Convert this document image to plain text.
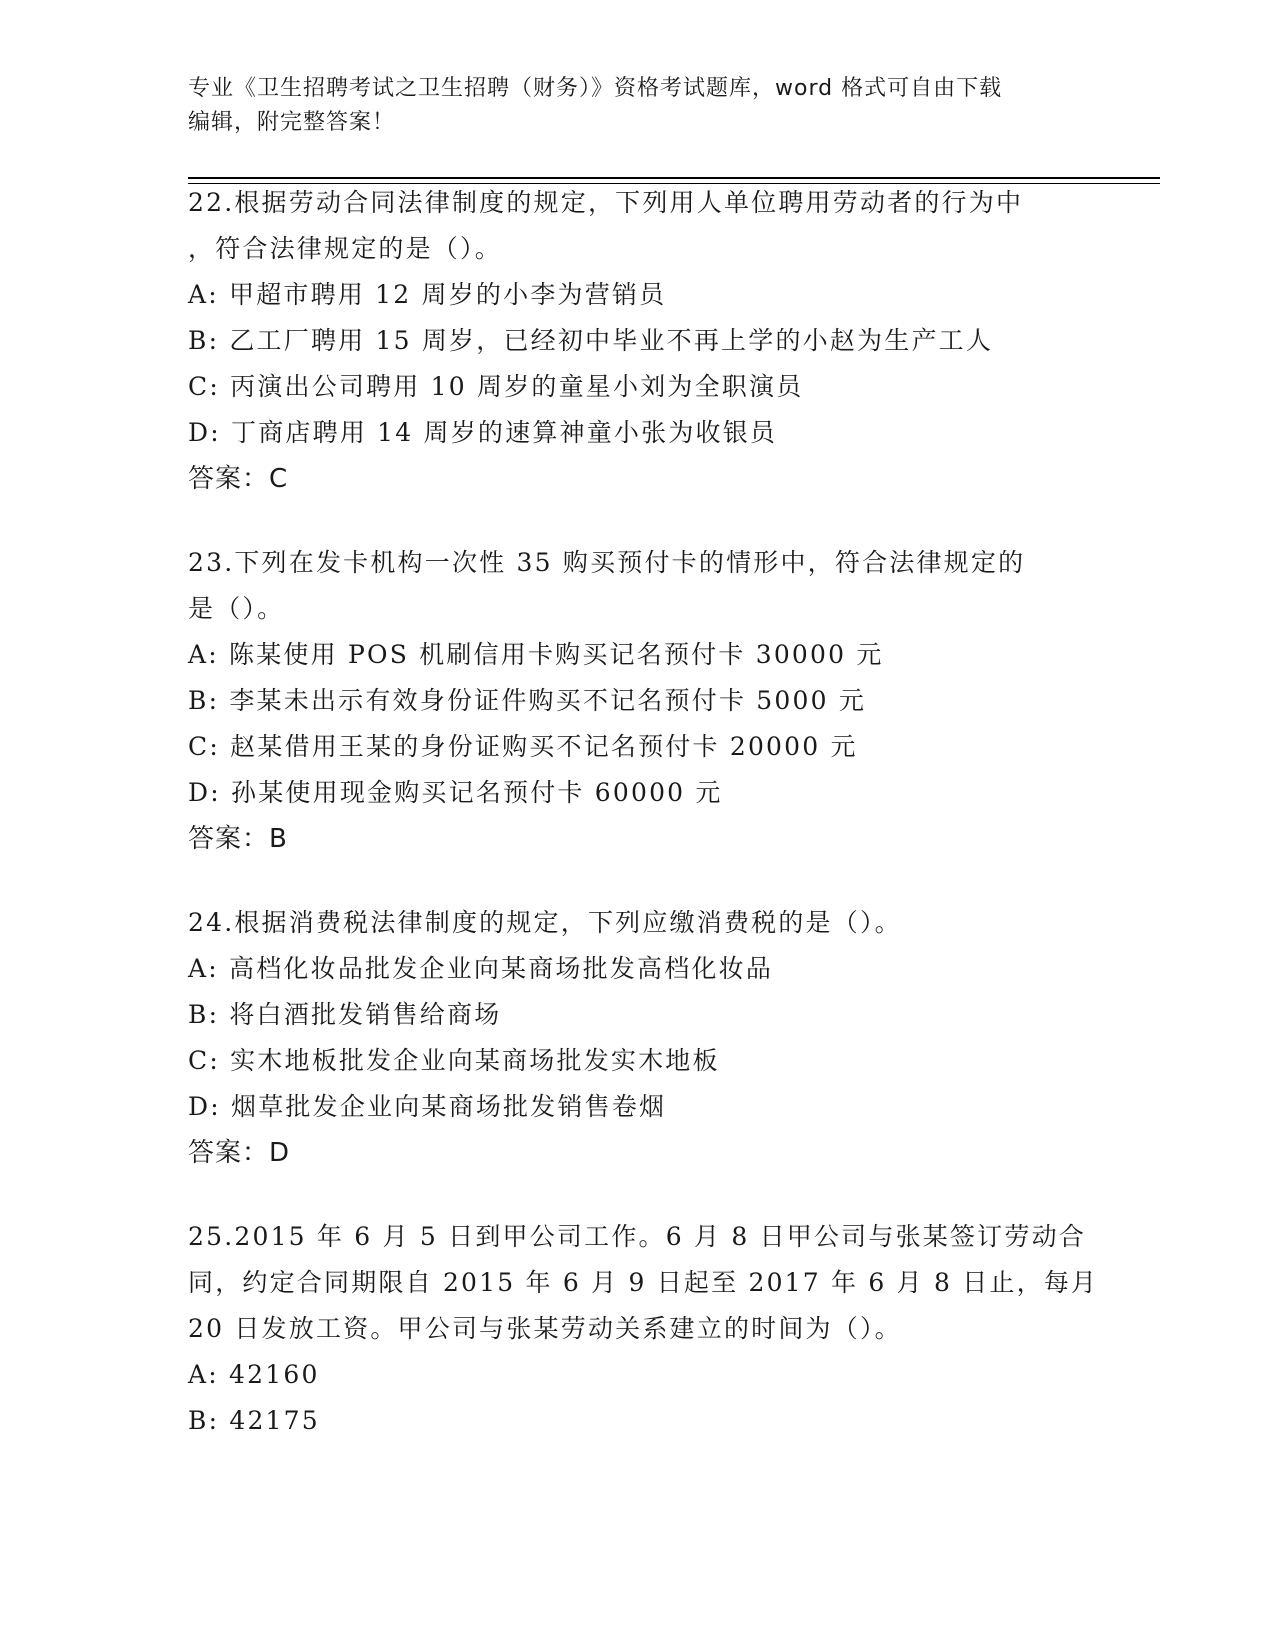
专业《卫生招聘考试之卫生招聘（财务）》资格考试题库，word 格式可自由下载
编辑，附完整答案！
22.根据劳动合同法律制度的规定，下列用人单位聘用劳动者的行为中
，符合法律规定的是（）。
A: 甲超市聘用 12 周岁的小李为营销员
B: 乙工厂聘用 15 周岁，已经初中毕业不再上学的小赵为生产工人
C: 丙演出公司聘用 10 周岁的童星小刘为全职演员
D: 丁商店聘用 14 周岁的速算神童小张为收银员
答案：C
23.下列在发卡机构一次性 35 购买预付卡的情形中，符合法律规定的
是（）。
A: 陈某使用 POS 机刷信用卡购买记名预付卡 30000 元
B: 李某未出示有效身份证件购买不记名预付卡 5000 元
C: 赵某借用王某的身份证购买不记名预付卡 20000 元
D: 孙某使用现金购买记名预付卡 60000 元
答案：B
24.根据消费税法律制度的规定，下列应缴消费税的是（）。
A: 高档化妆品批发企业向某商场批发高档化妆品
B: 将白酒批发销售给商场
C: 实木地板批发企业向某商场批发实木地板
D: 烟草批发企业向某商场批发销售卷烟
答案：D
25.2015 年 6 月 5 日到甲公司工作。6 月 8 日甲公司与张某签订劳动合
同，约定合同期限自 2015 年 6 月 9 日起至 2017 年 6 月 8 日止，每月
20 日发放工资。甲公司与张某劳动关系建立的时间为（）。
A: 42160
B: 42175
